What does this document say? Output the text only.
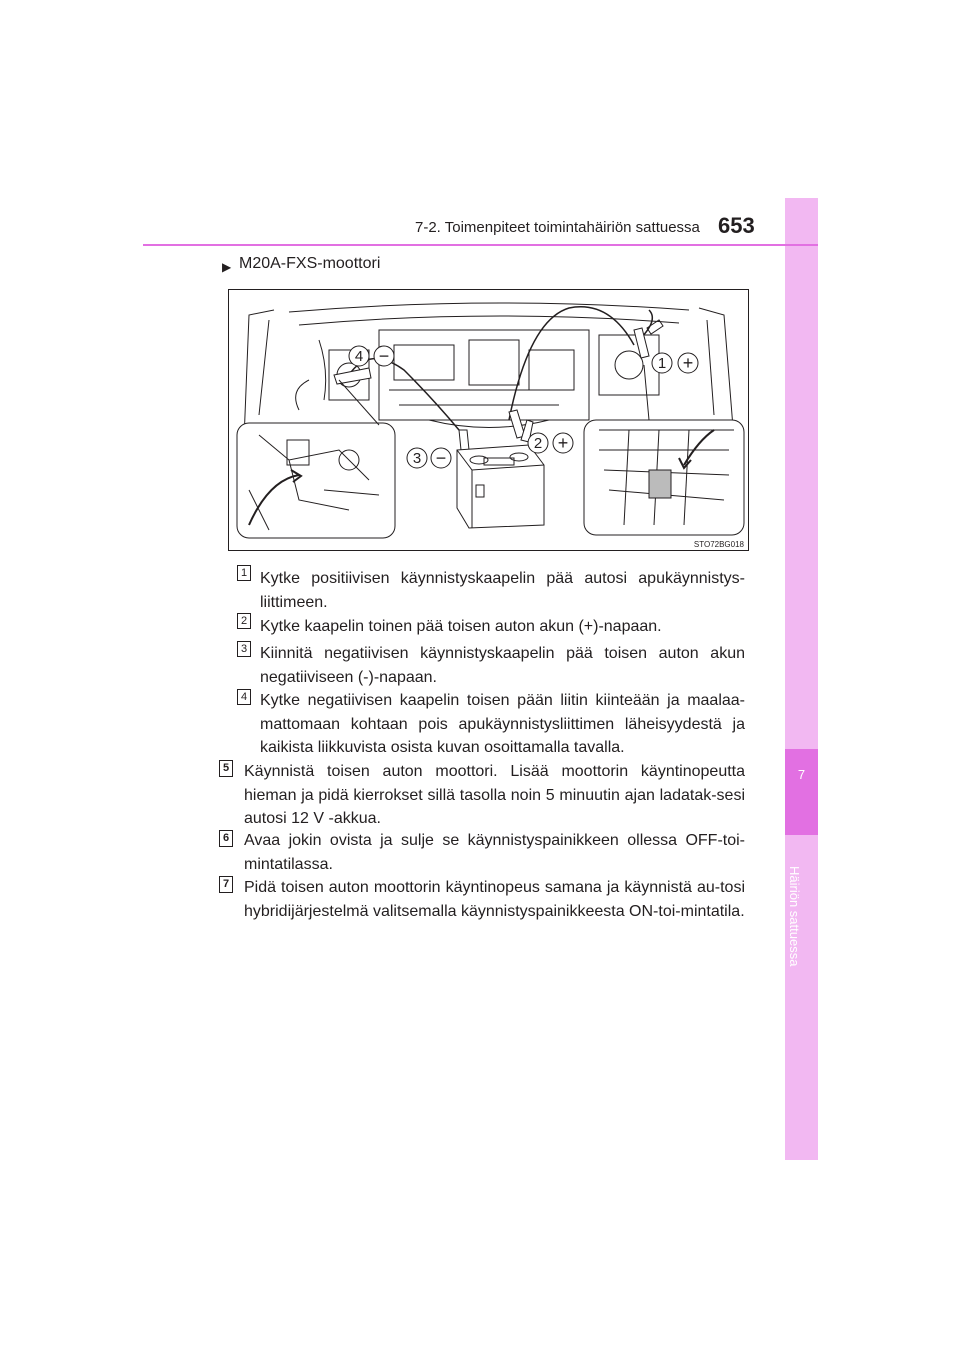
7
Häiriön sattuessa
7-2. Toimenpiteet toimintahäiriön sattuessa 653
▶ M20A-FXS-moottori
1 +
2 +
3 −
4 −
STO72BG018
1 Kytke positiivisen käynnistyskaapelin pää autosi apukäynnistys-liittimeen.
2 Kytke kaapelin toinen pää toisen auton akun (+)-napaan.
3 Kiinnitä negatiivisen käynnistyskaapelin pää toisen auton akun negatiiviseen (-)-napaan.
4 Kytke negatiivisen kaapelin toisen pään liitin kiinteään ja maalaa-mattomaan kohtaan pois apukäynnistysliittimen läheisyydestä ja kaikista liikkuvista osista kuvan osoittamalla tavalla.
5 Käynnistä toisen auton moottori. Lisää moottorin käyntinopeutta hieman ja pidä kierrokset sillä tasolla noin 5 minuutin ajan ladatak-sesi autosi 12 V -akkua.
6 Avaa jokin ovista ja sulje se käynnistyspainikkeen ollessa OFF-toi-mintatilassa.
7 Pidä toisen auton moottorin käyntinopeus samana ja käynnistä au-tosi hybridijärjestelmä valitsemalla käynnistyspainikkeesta ON-toi-mintatila.
